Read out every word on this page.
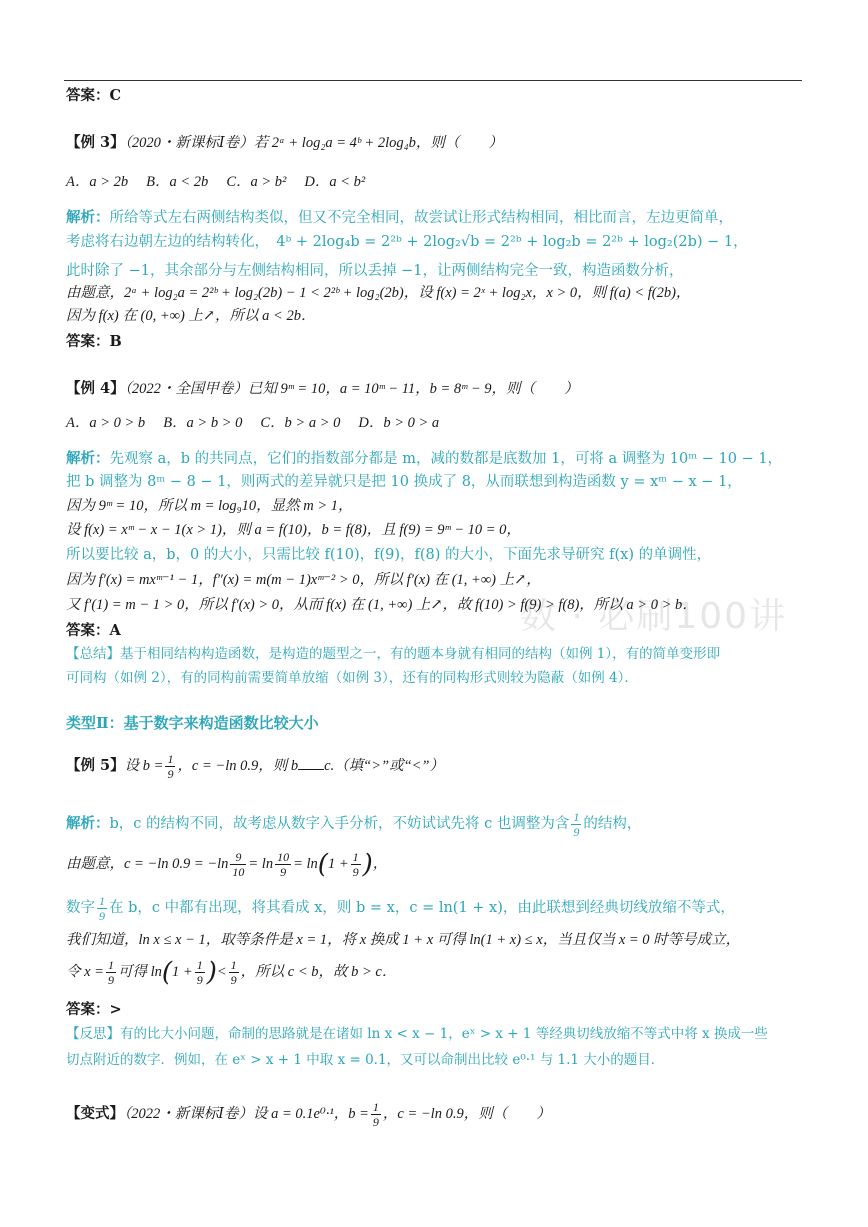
数 · 必刷100讲
答案：C
【例 3】（2020・新课标Ⅰ卷）若 2ᵃ + log₂a = 4ᵇ + 2log₄b，则（　　）
A．a > 2b B．a < 2b C．a > b² D．a < b²
解析：所给等式左右两侧结构类似，但又不完全相同，故尝试让形式结构相同，相比而言，左边更简单，
考虑将右边朝左边的结构转化，　4ᵇ + 2log₄b = 2²ᵇ + 2log₂√b = 2²ᵇ + log₂b = 2²ᵇ + log₂(2b) − 1，
此时除了 −1，其余部分与左侧结构相同，所以丢掉 −1，让两侧结构完全一致，构造函数分析，
由题意，2ᵃ + log₂a = 2²ᵇ + log₂(2b) − 1 < 2²ᵇ + log₂(2b)，设 f(x) = 2ˣ + log₂x，x > 0，则 f(a) < f(2b)，
因为 f(x) 在 (0, +∞) 上↗，所以 a < 2b．
答案：B
【例 4】（2022・全国甲卷）已知 9ᵐ = 10，a = 10ᵐ − 11，b = 8ᵐ − 9，则（　　）
A．a > 0 > b B．a > b > 0 C．b > a > 0 D．b > 0 > a
解析：先观察 a，b 的共同点，它们的指数部分都是 m，减的数都是底数加 1，可将 a 调整为 10ᵐ − 10 − 1，
把 b 调整为 8ᵐ − 8 − 1，则两式的差异就只是把 10 换成了 8，从而联想到构造函数 y = xᵐ − x − 1，
因为 9ᵐ = 10，所以 m = log₉10，显然 m > 1，
设 f(x) = xᵐ − x − 1(x > 1)，则 a = f(10)，b = f(8)，且 f(9) = 9ᵐ − 10 = 0，
所以要比较 a，b，0 的大小，只需比较 f(10)，f(9)，f(8) 的大小，下面先求导研究 f(x) 的单调性，
因为 f′(x) = mxᵐ⁻¹ − 1，f″(x) = m(m − 1)xᵐ⁻² > 0，所以 f′(x) 在 (1, +∞) 上↗，
又 f′(1) = m − 1 > 0，所以 f′(x) > 0，从而 f(x) 在 (1, +∞) 上↗，故 f(10) > f(9) > f(8)，所以 a > 0 > b．
答案：A
【总结】基于相同结构构造函数，是构造的题型之一，有的题本身就有相同的结构（如例 1），有的简单变形即
可同构（如例 2），有的同构前需要简单放缩（如例 3），还有的同构形式则较为隐蔽（如例 4）．
类型Ⅱ：基于数字来构造函数比较大小
【例 5】设 $b = \frac{1}{9}$ ，c = −ln 0.9，则 b c.（填“>”或“<”）
解析：b，c 的结构不同，故考虑从数字入手分析，不妨试试先将 c 也调整为含 $\frac{1}{9}$ 的结构，
由题意，c = −ln $0.9 = -\ln \frac{9}{10} = \ln \frac{10}{9} = \ln(1 + \frac{1}{9}$ )，
数字 $\frac{1}{9}$ 在 b，c 中都有出现，将其看成 x，则 b = x，c = ln(1 + x)，由此联想到经典切线放缩不等式，
我们知道，ln x ≤ x − 1，取等条件是 x = 1，将 x 换成 1 + x 可得 ln(1 + x) ≤ x，当且仅当 x = 0 时等号成立，
令 $x = \frac{1}{9}$ 可得 $\ln(1 + \frac{1}{9}$ )< $\frac{1}{9}$ ，所以 c < b，故 b > c．
答案：>
【反思】有的比大小问题，命制的思路就是在诸如 ln x < x − 1，eˣ > x + 1 等经典切线放缩不等式中将 x 换成一些
切点附近的数字．例如，在 eˣ > x + 1 中取 x = 0.1，又可以命制出比较 e⁰·¹ 与 1.1 大小的题目．
【变式】（2022・新课标Ⅰ卷）设 a = 0.1e⁰·¹，$b = \frac{1}{9}$ ，c = −ln 0.9，则（　　）
